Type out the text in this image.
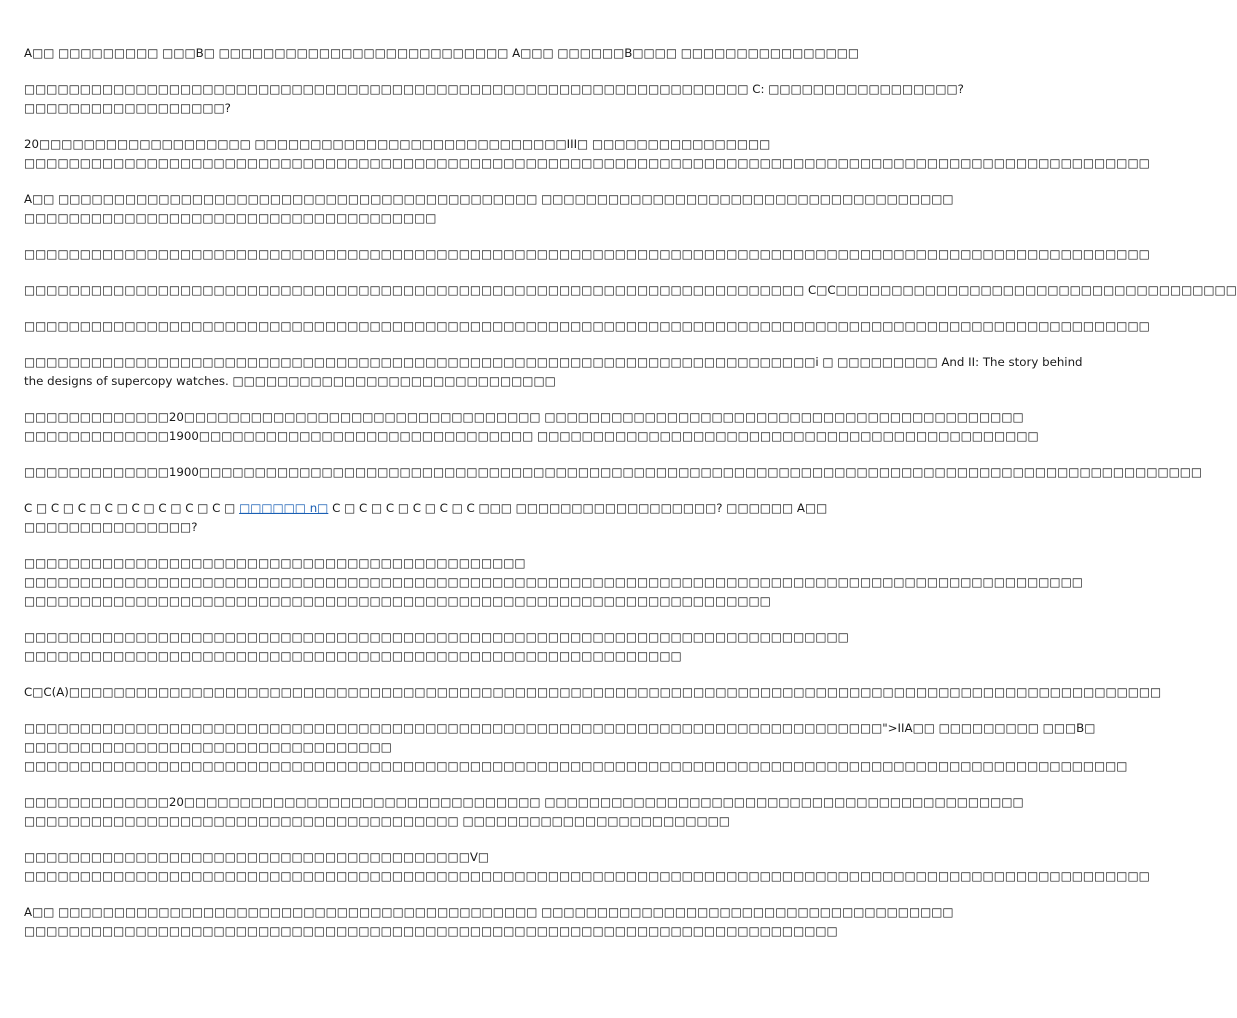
A□□ □□□□□□□□□ □□□B□ □□□□□□□□□□□□□□□□□□□□□□□□□□ A□□□ □□□□□□B□□□□ □□□□□□□□□□□□□□□□
□□□□□□□□□□□□□□□□□□□□□□□□□□□□□□□□□□□□□□□□□□□□□□□□□□□□□□□□□□□□□□□□□ C: □□□□□□□□□□□□□□□□□?
□□□□□□□□□□□□□□□□□□?
20□□□□□□□□□□□□□□□□□□□ □□□□□□□□□□□□□□□□□□□□□□□□□□□□III□ □□□□□□□□□□□□□□□□
□□□□□□□□□□□□□□□□□□□□□□□□□□□□□□□□□□□□□□□□□□□□□□□□□□□□□□□□□□□□□□□□□□□□□□□□□□□□□□□□□□□□□□□□□□□□□□□□□□□□□
A□□ □□□□□□□□□□□□□□□□□□□□□□□□□□□□□□□□□□□□□□□□□□□ □□□□□□□□□□□□□□□□□□□□□□□□□□□□□□□□□□□□□
□□□□□□□□□□□□□□□□□□□□□□□□□□□□□□□□□□□□□
□□□□□□□□□□□□□□□□□□□□□□□□□□□□□□□□□□□□□□□□□□□□□□□□□□□□□□□□□□□□□□□□□□□□□□□□□□□□□□□□□□□□□□□□□□□□□□□□□□□□□
□□□□□□□□□□□□□□□□□□□□□□□□□□□□□□□□□□□□□□□□□□□□□□□□□□□□□□□□□□□□□□□□□□□□□□ C□C□□□□□□□□□□□□□□□□□□□□□□□□□□□□□□□□□□□□
□□□□□□□□□□□□□□□□□□□□□□□□□□□□□□□□□□□□□□□□□□□□□□□□□□□□□□□□□□□□□□□□□□□□□□□□□□□□□□□□□□□□□□□□□□□□□□□□□□□□□
□□□□□□□□□□□□□□□□□□□□□□□□□□□□□□□□□□□□□□□□□□□□□□□□□□□□□□□□□□□□□□□□□□□□□□□i □ □□□□□□□□□ And II: The story behind
the designs of supercopy watches. □□□□□□□□□□□□□□□□□□□□□□□□□□□□□
□□□□□□□□□□□□□20□□□□□□□□□□□□□□□□□□□□□□□□□□□□□□□□ □□□□□□□□□□□□□□□□□□□□□□□□□□□□□□□□□□□□□□□□□□□
□□□□□□□□□□□□□1900□□□□□□□□□□□□□□□□□□□□□□□□□□□□□□ □□□□□□□□□□□□□□□□□□□□□□□□□□□□□□□□□□□□□□□□□□□□□
□□□□□□□□□□□□□1900□□□□□□□□□□□□□□□□□□□□□□□□□□□□□□□□□□□□□□□□□□□□□□□□□□□□□□□□□□□□□□□□□□□□□□□□□□□□□□□□□□□□□□□□□□
C □ C □ C □ C □ C □ C □ C □ C □ □□□□□□ n□ C □ C □ C □ C □ C □ C □□□ □□□□□□□□□□□□□□□□□□? □□□□□□ A□□
□□□□□□□□□□□□□□□?
□□□□□□□□□□□□□□□□□□□□□□□□□□□□□□□□□□□□□□□□□□□□□
□□□□□□□□□□□□□□□□□□□□□□□□□□□□□□□□□□□□□□□□□□□□□□□□□□□□□□□□□□□□□□□□□□□□□□□□□□□□□□□□□□□□□□□□□□□□□□□
□□□□□□□□□□□□□□□□□□□□□□□□□□□□□□□□□□□□□□□□□□□□□□□□□□□□□□□□□□□□□□□□□□□
□□□□□□□□□□□□□□□□□□□□□□□□□□□□□□□□□□□□□□□□□□□□□□□□□□□□□□□□□□□□□□□□□□□□□□□□□□
□□□□□□□□□□□□□□□□□□□□□□□□□□□□□□□□□□□□□□□□□□□□□□□□□□□□□□□□□□□
C□C(A)□□□□□□□□□□□□□□□□□□□□□□□□□□□□□□□□□□□□□□□□□□□□□□□□□□□□□□□□□□□□□□□□□□□□□□□□□□□□□□□□□□□□□□□□□□□□□□□□□□
□□□□□□□□□□□□□□□□□□□□□□□□□□□□□□□□□□□□□□□□□□□□□□□□□□□□□□□□□□□□□□□□□□□□□□□□□□□□□">IIA□□ □□□□□□□□□ □□□B□
□□□□□□□□□□□□□□□□□□□□□□□□□□□□□□□□□
□□□□□□□□□□□□□□□□□□□□□□□□□□□□□□□□□□□□□□□□□□□□□□□□□□□□□□□□□□□□□□□□□□□□□□□□□□□□□□□□□□□□□□□□□□□□□□□□□□□
□□□□□□□□□□□□□20□□□□□□□□□□□□□□□□□□□□□□□□□□□□□□□□ □□□□□□□□□□□□□□□□□□□□□□□□□□□□□□□□□□□□□□□□□□□
□□□□□□□□□□□□□□□□□□□□□□□□□□□□□□□□□□□□□□□ □□□□□□□□□□□□□□□□□□□□□□□□
□□□□□□□□□□□□□□□□□□□□□□□□□□□□□□□□□□□□□□□□V□
□□□□□□□□□□□□□□□□□□□□□□□□□□□□□□□□□□□□□□□□□□□□□□□□□□□□□□□□□□□□□□□□□□□□□□□□□□□□□□□□□□□□□□□□□□□□□□□□□□□□□
A□□ □□□□□□□□□□□□□□□□□□□□□□□□□□□□□□□□□□□□□□□□□□□ □□□□□□□□□□□□□□□□□□□□□□□□□□□□□□□□□□□□□
□□□□□□□□□□□□□□□□□□□□□□□□□□□□□□□□□□□□□□□□□□□□□□□□□□□□□□□□□□□□□□□□□□□□□□□□□
